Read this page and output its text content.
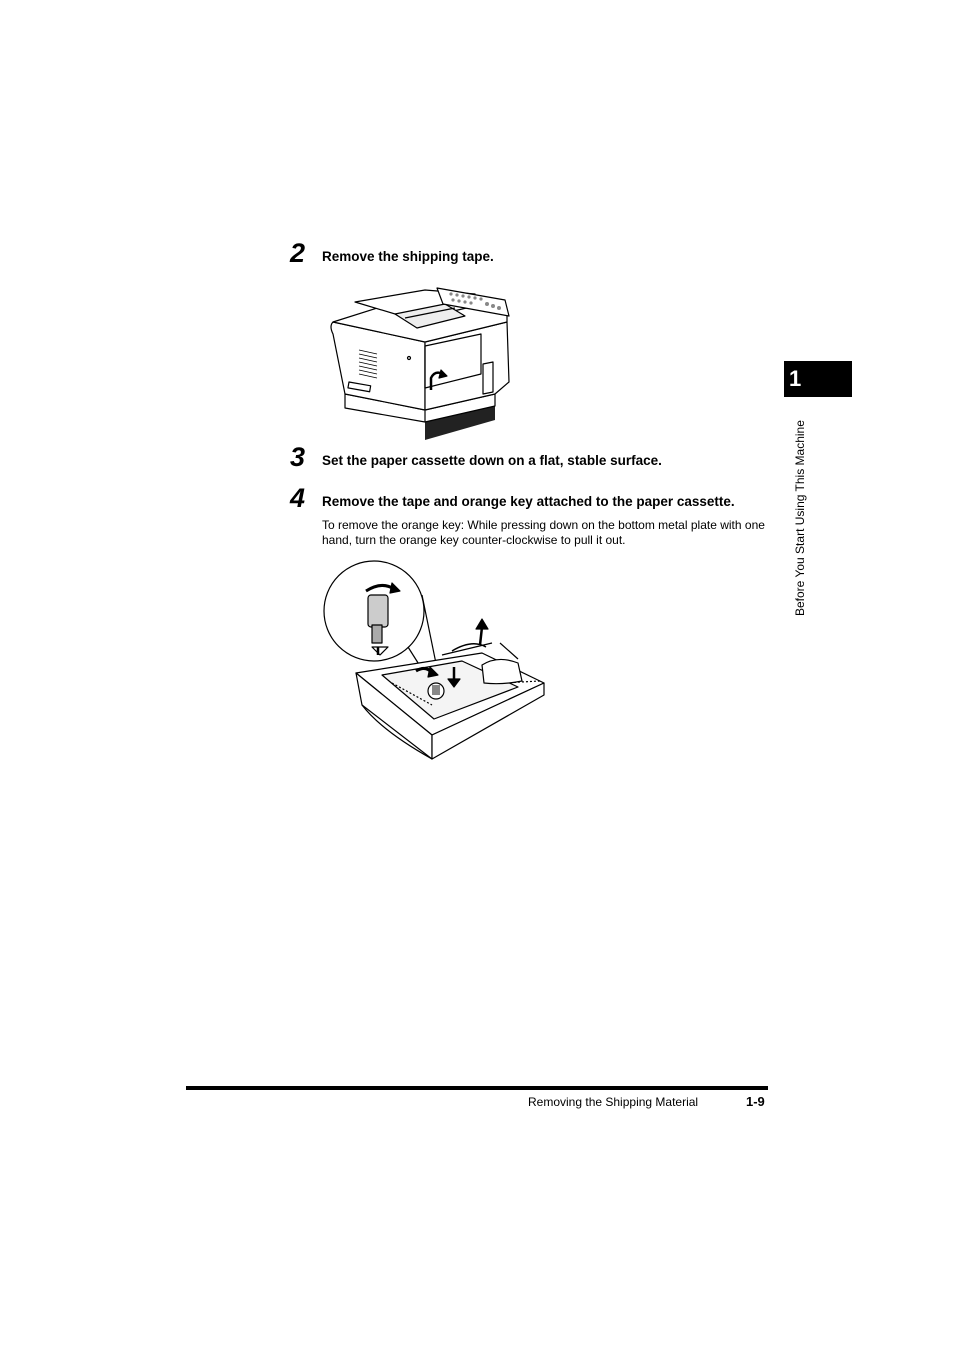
2 Remove the shipping tape.
3 Set the paper cassette down on a flat, stable surface.
4 Remove the tape and orange key attached to the paper cassette.
To remove the orange key: While pressing down on the bottom metal plate with one hand, turn the orange key counter-clockwise to pull it out.
1
Before You Start Using This Machine
Removing the Shipping Material	1-9
